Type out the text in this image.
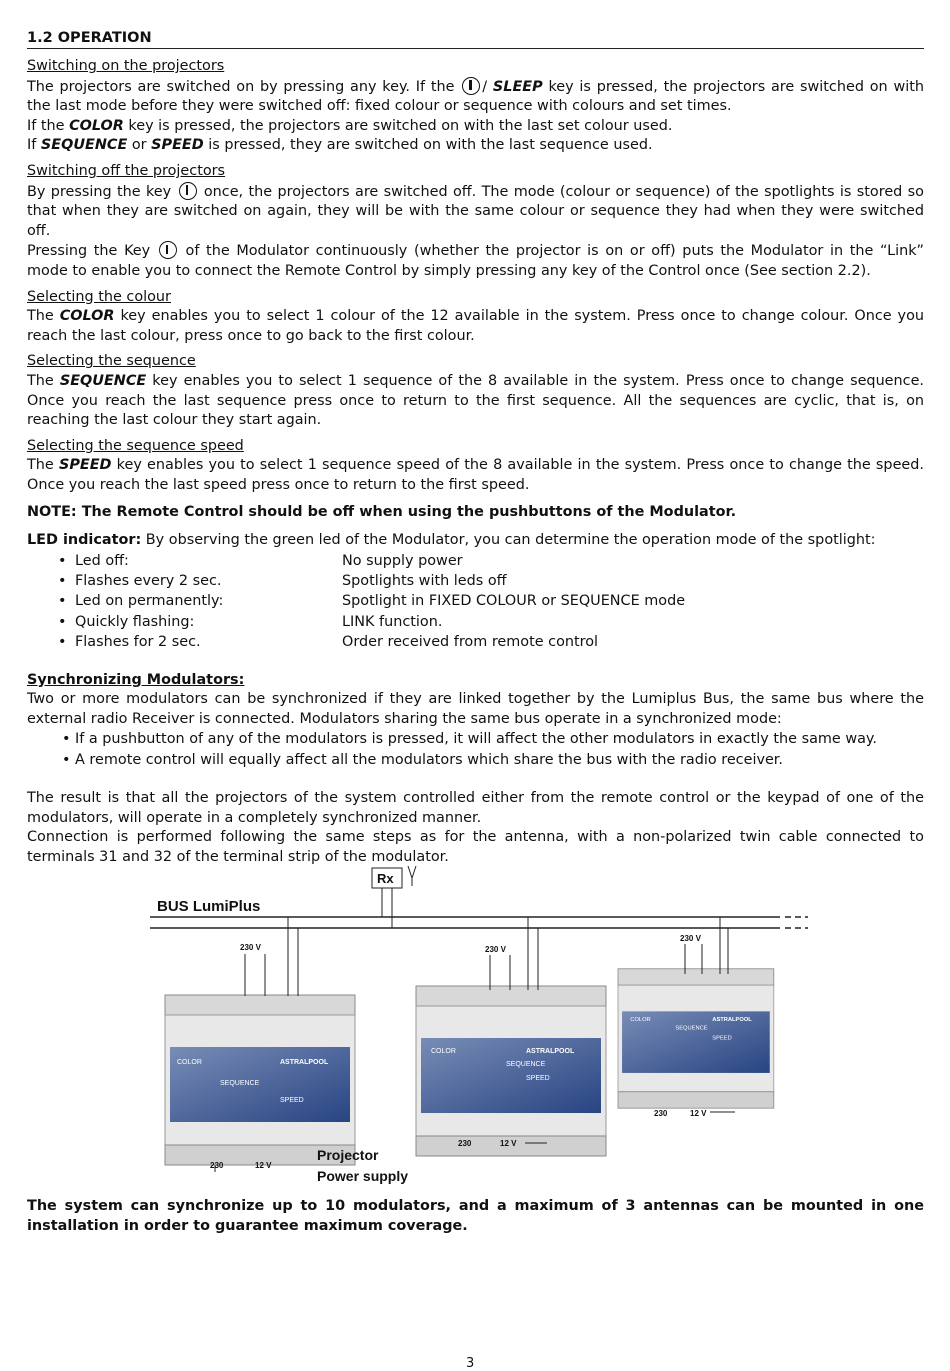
1.2 OPERATION
Switching on the projectors

The projectors are switched on by pressing any key. If the / SLEEP key is pressed, the projectors are switched on with the last mode before they were switched off: fixed colour or sequence with colours and set times.

If the COLOR key is pressed, the projectors are switched on with the last set colour used.

If SEQUENCE or SPEED is pressed, they are switched on with the last sequence used.

Switching off the projectors

By pressing the key  once, the projectors are switched off. The mode (colour or sequence) of the spotlights is stored so that when they are switched on again, they will be with the same colour or sequence they had when they were switched off.

Pressing the Key  of the Modulator continuously (whether the projector is on or off) puts the Modulator in the “Link” mode to enable you to connect the Remote Control by simply pressing any key of the Control once (See section 2.2).

Selecting the colour

The COLOR key enables you to select 1 colour of the 12 available in the system. Press once to change colour. Once you reach the last colour, press once to go back to the first colour.

Selecting the sequence

The SEQUENCE key enables you to select 1 sequence of the 8 available in the system. Press once to change sequence. Once you reach the last sequence press once to return to the first sequence. All the sequences are cyclic, that is, on reaching the last colour they start again.

Selecting the sequence speed

The SPEED key enables you to select 1 sequence speed of the 8 available in the system. Press once to change the speed. Once you reach the last speed press once to return to the first speed.

NOTE: The Remote Control should be off when using the pushbuttons of the Modulator.

LED indicator: By observing the green led of the Modulator, you can determine the operation mode of the spotlight:

• Led off:	No supply power
• Flashes every 2 sec.	Spotlights with leds off
• Led on permanently:	Spotlight in FIXED COLOUR or SEQUENCE mode
• Quickly flashing:	LINK function.
• Flashes for 2 sec.	Order received from remote control
Synchronizing Modulators:

Two or more modulators can be synchronized if they are linked together by the Lumiplus Bus, the same bus where the external radio Receiver is connected. Modulators sharing the same bus operate in a synchronized mode:

• If a pushbutton of any of the modulators is pressed, it will affect the other modulators in exactly the same way.
• A remote control will equally affect all the modulators which share the bus with the radio receiver.

The result is that all the projectors of the system controlled either from the remote control or the keypad of one of the modulators, will operate in a completely synchronized manner.

Connection is performed following the same steps as for the antenna, with a non-polarized twin cable connected to terminals 31 and 32 of the terminal strip of the modulator.

The system can synchronize up to 10 modulators, and a maximum of 3 antennas can be mounted in one installation in order to guarantee maximum coverage.

BUS LumiPlus
Rx
COLOR
SEQUENCE
ASTRALPOOL
SPEED
230 V
230	12 V
COLOR
SEQUENCE
ASTRALPOOL
SPEED
230 V
230	12 V
COLOR
SEQUENCE
ASTRALPOOL
SPEED
230 V
230	12 V
Projector
Power supply
3
